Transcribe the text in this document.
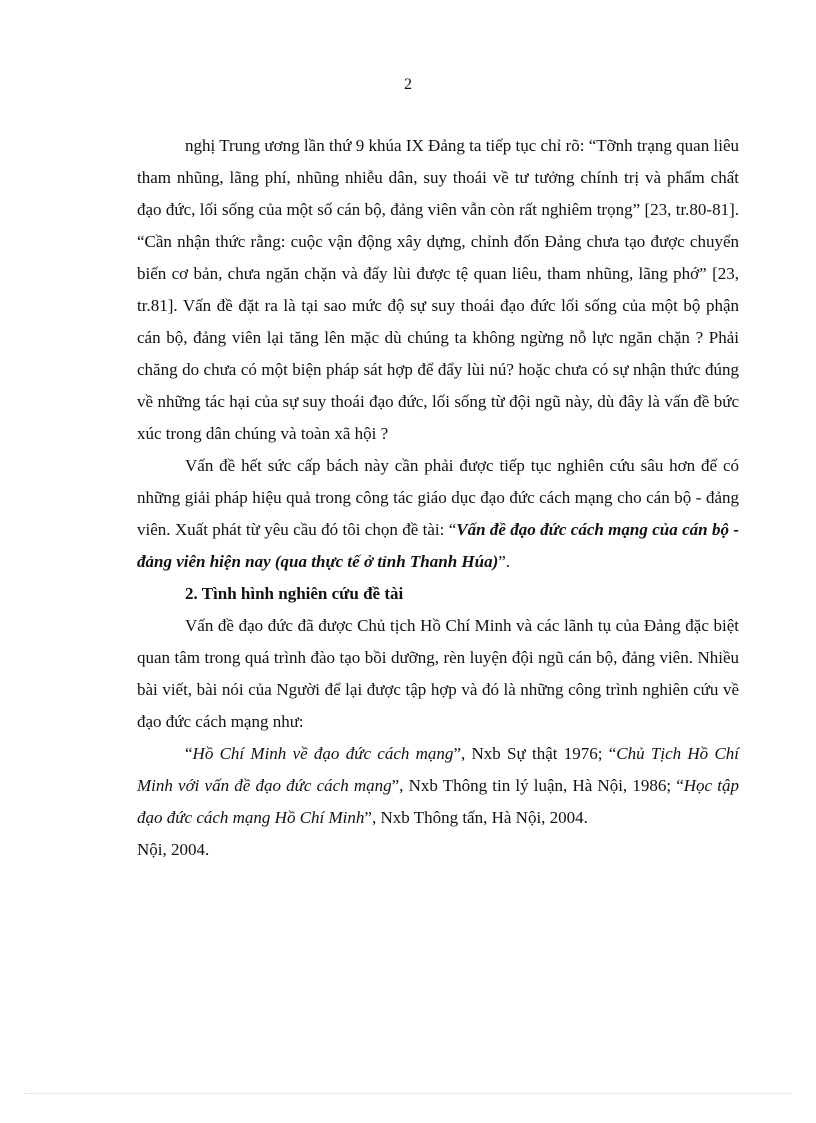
2

nghị Trung ương lần thứ 9 khúa IX Đảng ta tiếp tục chỉ rõ: “Tỡnh trạng quan liêu tham nhũng, lãng phí, nhũng nhiễu dân, suy thoái về tư tưởng chính trị và phẩm chất đạo đức, lối sống của một số cán bộ, đảng viên vẫn còn rất nghiêm trọng” [23, tr.80-81]. “Cần nhận thức rằng: cuộc vận động xây dựng, chỉnh đốn Đảng chưa tạo được chuyển biến cơ bản, chưa ngăn chặn và đẩy lùi được tệ quan liêu, tham nhũng, lãng phớ” [23, tr.81]. Vấn đề đặt ra là tại sao mức độ sự suy thoái đạo đức lối sống của một bộ phận cán bộ, đảng viên lại tăng lên mặc dù chúng ta không ngừng nỗ lực ngăn chặn ? Phải chăng do chưa có một biện pháp sát hợp để đẩy lùi nú? hoặc chưa có sự nhận thức đúng về những tác hại của sự suy thoái đạo đức, lối sống từ đội ngũ này, dù đây là vấn đề bức xúc trong dân chúng và toàn xã hội ?

Vấn đề hết sức cấp bách này cần phải được tiếp tục nghiên cứu sâu hơn để có những giải pháp hiệu quả trong công tác giáo dục đạo đức cách mạng cho cán bộ - đảng viên. Xuất phát từ yêu cầu đó tôi chọn đề tài: “Vấn đề đạo đức cách mạng của cán bộ - đảng viên hiện nay (qua thực tế ở tỉnh Thanh Húa)”.

2. Tình hình nghiên cứu đề tài

Vấn đề đạo đức đã được Chủ tịch Hồ Chí Minh và các lãnh tụ của Đảng đặc biệt quan tâm trong quá trình đào tạo bồi dưỡng, rèn luyện đội ngũ cán bộ, đảng viên. Nhiều bài viết, bài nói của Người để lại được tập hợp và đó là những công trình nghiên cứu về đạo đức cách mạng như:

“Hồ Chí Minh về đạo đức cách mạng”, Nxb Sự thật 1976; “Chủ Tịch Hồ Chí Minh với vấn đề đạo đức cách mạng”, Nxb Thông tin lý luận, Hà Nội, 1986; “Học tập đạo đức cách mạng Hồ Chí Minh”, Nxb Thông tấn, Hà Nội, 2004.

Nội, 2004.
